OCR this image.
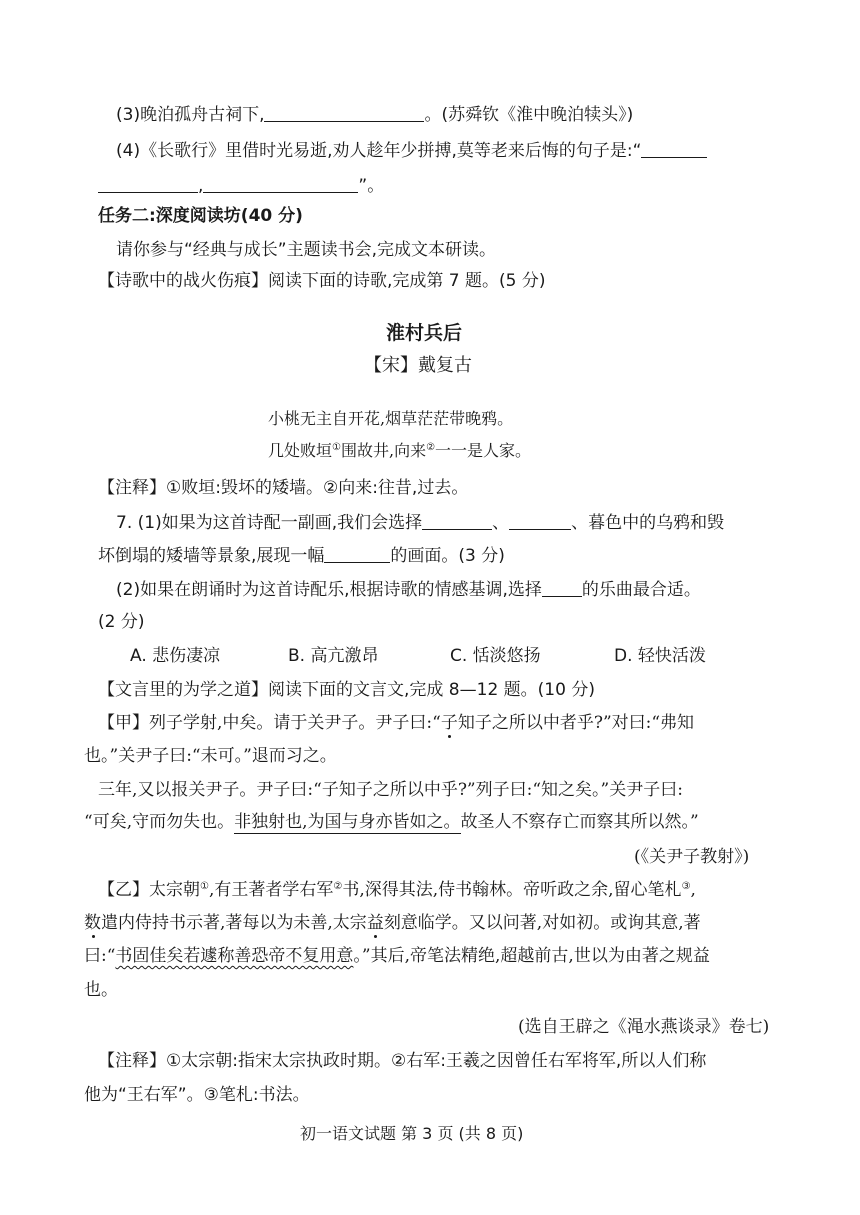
(3)晚泊孤舟古祠下,	。(苏舜钦《淮中晚泊犊头》)
(4)《长歌行》里借时光易逝,劝人趁年少拼搏,莫等老来后悔的句子是:“
,	”。
任务二:深度阅读坊(40 分)
请你参与“经典与成长”主题读书会,完成文本研读。
【诗歌中的战火伤痕】阅读下面的诗歌,完成第 7 题。(5 分)
淮村兵后
【宋】戴复古
小桃无主自开花,烟草茫茫带晚鸦。
几处败垣①围故井,向来②一一是人家。
【注释】①败垣:毁坏的矮墙。②向来:往昔,过去。
7. (1)如果为这首诗配一副画,我们会选择	、	、暮色中的乌鸦和毁
坏倒塌的矮墙等景象,展现一幅	的画面。(3 分)
(2)如果在朗诵时为这首诗配乐,根据诗歌的情感基调,选择 的乐曲最合适。
(2 分)
A. 悲伤凄凉	B. 高亢激昂	C. 恬淡悠扬	D. 轻快活泼
【文言里的为学之道】阅读下面的文言文,完成 8—12 题。(10 分)
【甲】列子学射,中矣。请于关尹子。尹子曰:“子知子之所以中者乎?”对曰:“弗知
也。”关尹子曰:“未可。”退而习之。
三年,又以报关尹子。尹子曰:“子知子之所以中乎?”列子曰:“知之矣。”关尹子曰:
“可矣,守而勿失也。非独射也,为国与身亦皆如之。故圣人不察存亡而察其所以然。”
(《关尹子教射》)
【乙】太宗朝①,有王著者学右军②书,深得其法,侍书翰林。帝听政之余,留心笔札③,
数遣内侍持书示著,著每以为未善,太宗益刻意临学。又以问著,对如初。或询其意,著
曰:“书固佳矣若遽称善恐帝不复用意。”其后,帝笔法精绝,超越前古,世以为由著之规益
也。
(选自王辟之《渑水燕谈录》卷七)
【注释】①太宗朝:指宋太宗执政时期。②右军:王羲之因曾任右军将军,所以人们称
他为“王右军”。③笔札:书法。
初一语文试题 第 3 页 (共 8 页)
